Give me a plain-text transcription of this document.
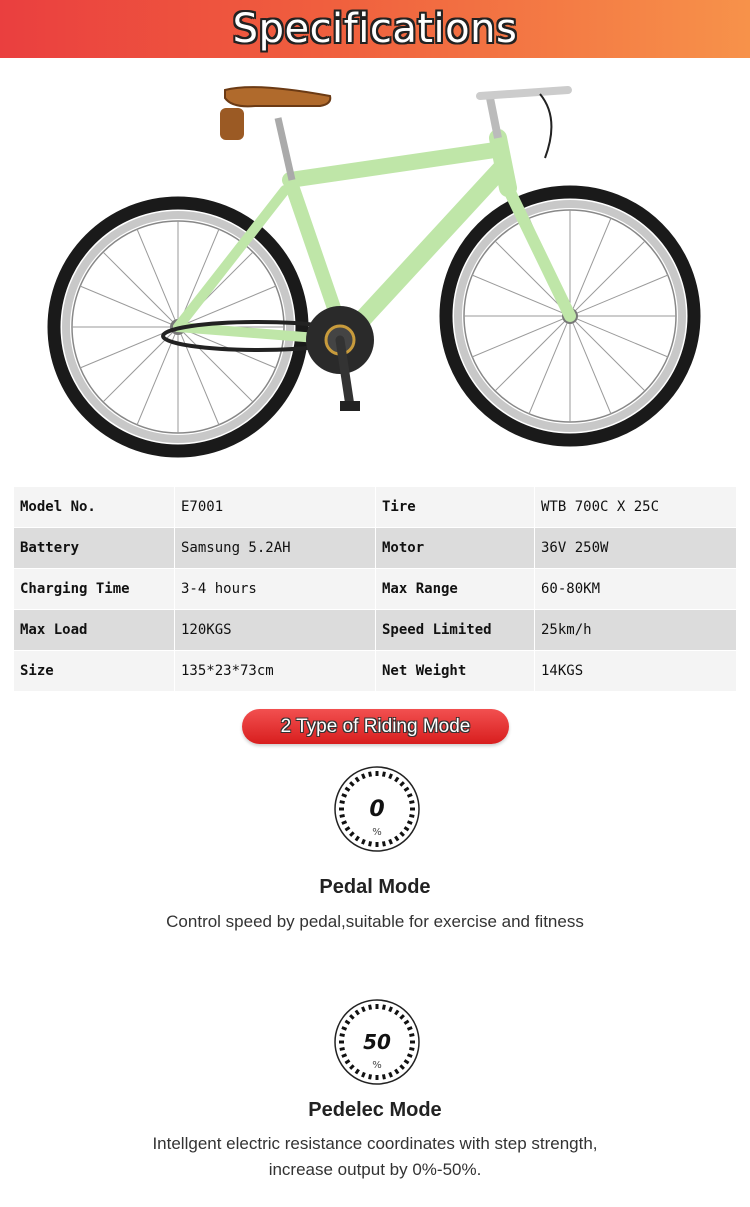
Specifications
Model No.	E7001	Tire	WTB 700C X 25C
Battery	Samsung 5.2AH	Motor	36V 250W
Charging Time	3-4 hours	Max Range	60-80KM
Max Load	120KGS	Speed Limited	25km/h
Size	135*23*73cm	Net Weight	14KGS
2 Type of Riding Mode
0
%
Pedal Mode
Control speed by pedal,suitable for exercise and fitness
50
%
Pedelec Mode
Intellgent electric resistance coordinates with step strength,
increase output by 0%-50%.
